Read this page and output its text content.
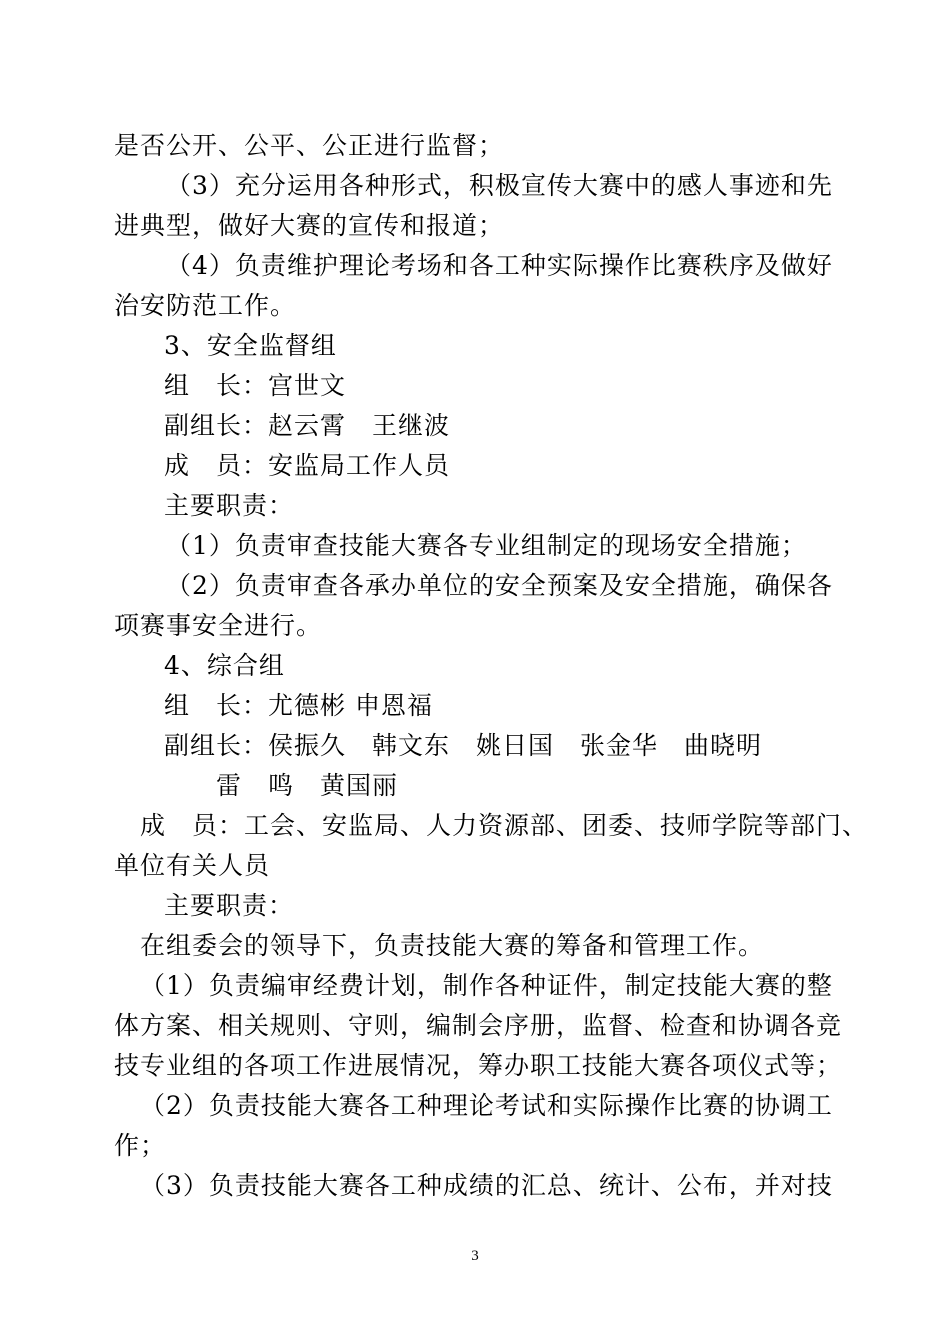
是否公开、公平、公正进行监督；
（3）充分运用各种形式，积极宣传大赛中的感人事迹和先
进典型，做好大赛的宣传和报道；
（4）负责维护理论考场和各工种实际操作比赛秩序及做好
治安防范工作。
3、安全监督组
组　长：宫世文
副组长：赵云霄　王继波
成　员：安监局工作人员
主要职责：
（1）负责审查技能大赛各专业组制定的现场安全措施；
（2）负责审查各承办单位的安全预案及安全措施，确保各
项赛事安全进行。
4、综合组
组　长：尤德彬 申恩福
副组长：侯振久　韩文东　姚日国　张金华　曲晓明
雷　鸣　黄国丽
成　员：工会、安监局、人力资源部、团委、技师学院等部门、
单位有关人员
主要职责：
在组委会的领导下，负责技能大赛的筹备和管理工作。
（1）负责编审经费计划，制作各种证件，制定技能大赛的整
体方案、相关规则、守则，编制会序册，监督、检查和协调各竞
技专业组的各项工作进展情况，筹办职工技能大赛各项仪式等；
（2）负责技能大赛各工种理论考试和实际操作比赛的协调工
作；
（3）负责技能大赛各工种成绩的汇总、统计、公布，并对技
3
